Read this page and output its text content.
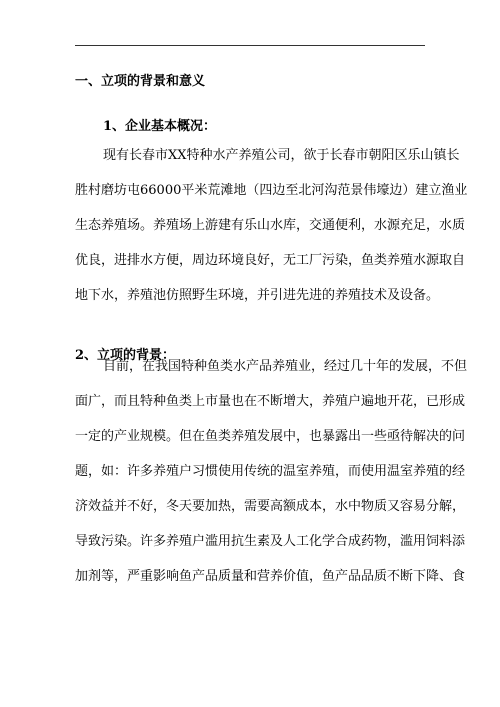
一、立项的背景和意义
1、企业基本概况：
现有长春市XX特种水产养殖公司，欲于长春市朝阳区乐山镇长
胜村磨坊屯66000平米荒滩地（四边至北河沟范景伟壕边）建立渔业
生态养殖场。养殖场上游建有乐山水库，交通便利，水源充足，水质
优良，进排水方便，周边环境良好，无工厂污染，鱼类养殖水源取自
地下水，养殖池仿照野生环境，并引进先进的养殖技术及设备。
2、立项的背景：
目前，在我国特种鱼类水产品养殖业，经过几十年的发展，不但
面广，而且特种鱼类上市量也在不断增大，养殖户遍地开花，已形成
一定的产业规模。但在鱼类养殖发展中，也暴露出一些亟待解决的问
题，如：许多养殖户习惯使用传统的温室养殖，而使用温室养殖的经
济效益并不好，冬天要加热，需要高额成本，水中物质又容易分解，
导致污染。许多养殖户滥用抗生素及人工化学合成药物，滥用饲料添
加剂等，严重影响鱼产品质量和营养价值，鱼产品品质不断下降、食
